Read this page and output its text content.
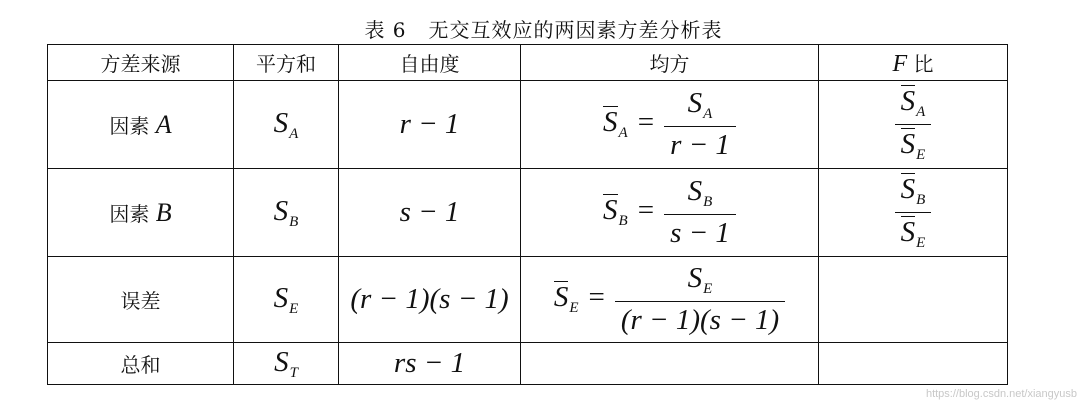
表 6 无交互效应的两因素方差分析表
方差来源	平方和	自由度	均方	F 比
因素 A	$S_A$	r − 1	$S_A = \frac{S_A}{r - 1}$	$\frac{S_A}{S_E}$

因素 B	$S_B$	s − 1	$S_B = \frac{S_B}{s - 1}$	$\frac{S_B}{S_E}$

误差	$S_E$	(r − 1)(s − 1)	$S_E = \frac{S_E}{(r - 1)(s - 1)}$

总和	$S_T$	rs − 1		
https://blog.csdn.net/xiangyusb
